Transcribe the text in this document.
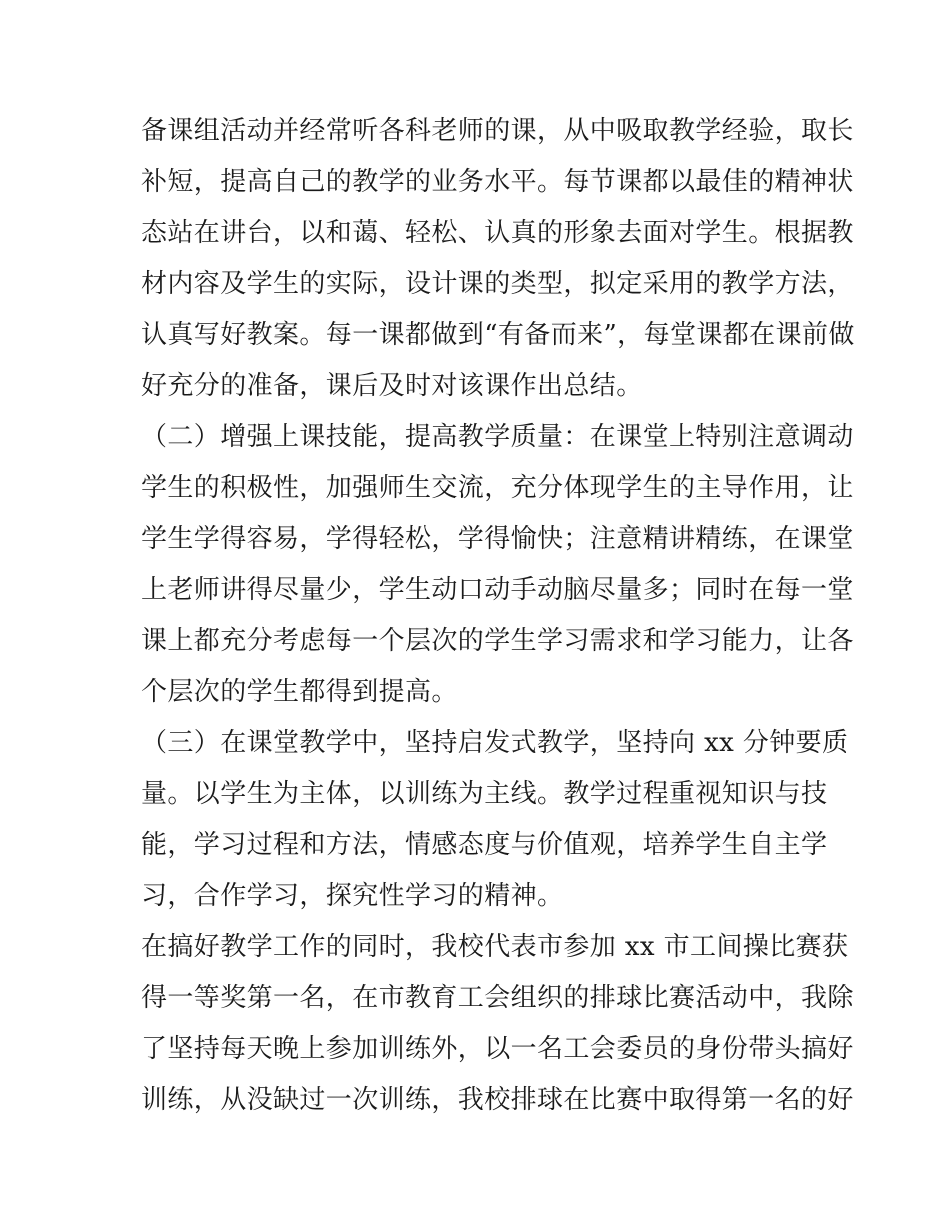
备课组活动并经常听各科老师的课，从中吸取教学经验，取长
补短，提高自己的教学的业务水平。每节课都以最佳的精神状
态站在讲台，以和蔼、轻松、认真的形象去面对学生。根据教
材内容及学生的实际，设计课的类型，拟定采用的教学方法，
认真写好教案。每一课都做到“有备而来”，每堂课都在课前做
好充分的准备，课后及时对该课作出总结。
（二）增强上课技能，提高教学质量：在课堂上特别注意调动
学生的积极性，加强师生交流，充分体现学生的主导作用，让
学生学得容易，学得轻松，学得愉快；注意精讲精练，在课堂
上老师讲得尽量少，学生动口动手动脑尽量多；同时在每一堂
课上都充分考虑每一个层次的学生学习需求和学习能力，让各
个层次的学生都得到提高。
（三）在课堂教学中，坚持启发式教学，坚持向 xx 分钟要质
量。以学生为主体，以训练为主线。教学过程重视知识与技
能，学习过程和方法，情感态度与价值观，培养学生自主学
习，合作学习，探究性学习的精神。
在搞好教学工作的同时，我校代表市参加 xx 市工间操比赛获
得一等奖第一名，在市教育工会组织的排球比赛活动中，我除
了坚持每天晚上参加训练外，以一名工会委员的身份带头搞好
训练，从没缺过一次训练，我校排球在比赛中取得第一名的好
